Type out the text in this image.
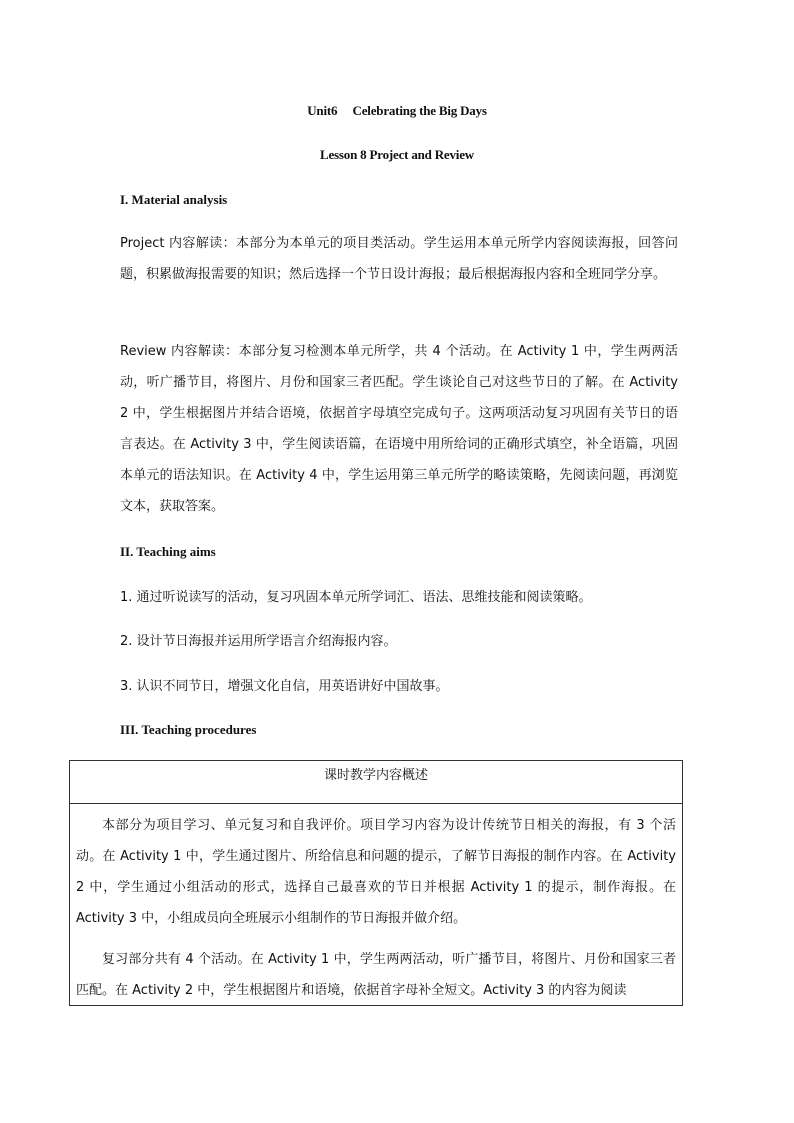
Unit6     Celebrating the Big Days
Lesson 8 Project and Review
I. Material analysis
Project 内容解读：本部分为本单元的项目类活动。学生运用本单元所学内容阅读海报，回答问题，积累做海报需要的知识；然后选择一个节日设计海报；最后根据海报内容和全班同学分享。
Review 内容解读：本部分复习检测本单元所学，共 4 个活动。在 Activity 1 中，学生两两活动，听广播节目，将图片、月份和国家三者匹配。学生谈论自己对这些节日的了解。在 Activity 2 中，学生根据图片并结合语境，依据首字母填空完成句子。这两项活动复习巩固有关节日的语言表达。在 Activity 3 中，学生阅读语篇，在语境中用所给词的正确形式填空，补全语篇，巩固本单元的语法知识。在 Activity 4 中，学生运用第三单元所学的略读策略，先阅读问题，再浏览文本，获取答案。
II. Teaching aims
1. 通过听说读写的活动，复习巩固本单元所学词汇、语法、思维技能和阅读策略。
2. 设计节日海报并运用所学语言介绍海报内容。
3. 认识不同节日，增强文化自信，用英语讲好中国故事。
III. Teaching procedures
课时教学内容概述

本部分为项目学习、单元复习和自我评价。项目学习内容为设计传统节日相关的海报，有 3 个活动。在 Activity 1 中，学生通过图片、所给信息和问题的提示，了解节日海报的制作内容。在 Activity 2 中，学生通过小组活动的形式，选择自己最喜欢的节日并根据 Activity 1 的提示，制作海报。在 Activity 3 中，小组成员向全班展示小组制作的节日海报并做介绍。

复习部分共有 4 个活动。在 Activity 1 中，学生两两活动，听广播节目，将图片、月份和国家三者匹配。在 Activity 2 中，学生根据图片和语境，依据首字母补全短文。Activity 3 的内容为阅读
